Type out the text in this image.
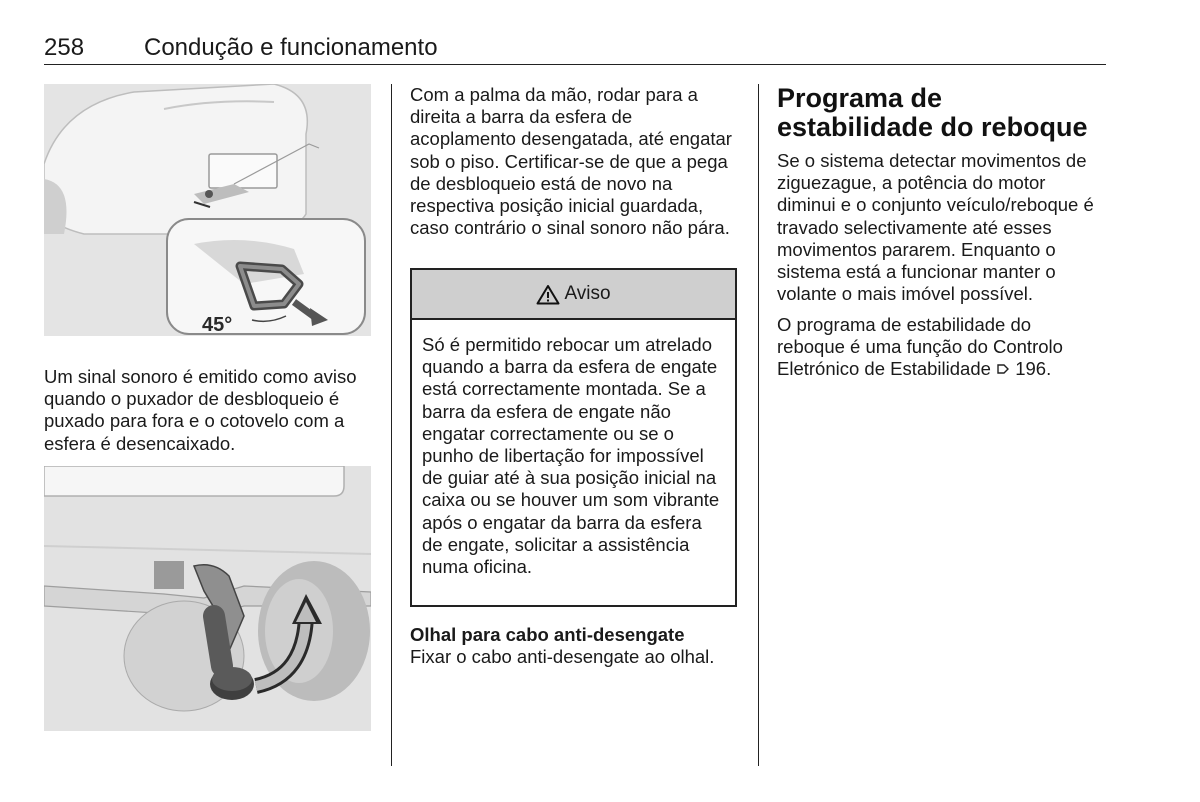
258 Condução e funcionamento
45°
Um sinal sonoro é emitido como aviso quando o puxador de desbloqueio é puxado para fora e o cotovelo com a esfera é desencaixado.
Com a palma da mão, rodar para a direita a barra da esfera de acoplamento desengatada, até engatar sob o piso. Certificar-se de que a pega de desbloqueio está de novo na respectiva posição inicial guardada, caso contrário o sinal sonoro não pára.
Aviso
Só é permitido rebocar um atrelado quando a barra da esfera de engate está correctamente montada. Se a barra da esfera de engate não engatar correctamente ou se o punho de libertação for impossível de guiar até à sua posição inicial na caixa ou se houver um som vibrante após o engatar da barra da esfera de engate, solicitar a assistência numa oficina.
Olhal para cabo anti-desengate
Fixar o cabo anti-desengate ao olhal.
Programa de estabilidade do reboque
Se o sistema detectar movimentos de ziguezague, a potência do motor diminui e o conjunto veículo/reboque é travado selectivamente até esses movimentos pararem. Enquanto o sistema está a funcionar manter o volante o mais imóvel possível.
O programa de estabilidade do reboque é uma função do Controlo Eletrónico de Estabilidade 196.
